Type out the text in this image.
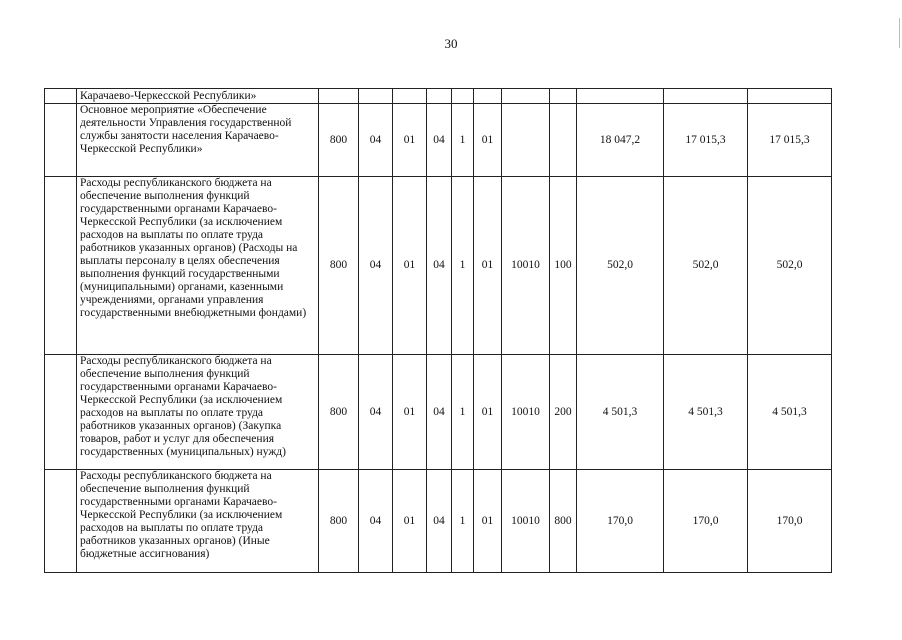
30
	Карачаево-Черкесской Республики»											
	Основное мероприятие «Обеспечение деятельности Управления государственной службы занятости населения Карачаево-Черкесской Республики»	800	04	01	04	1	01			18 047,2	17 015,3	17 015,3
	Расходы республиканского бюджета на обеспечение выполнения функций государственными органами Карачаево-Черкесской Республики (за исключением расходов на выплаты по оплате труда работников указанных органов) (Расходы на выплаты персоналу в целях обеспечения выполнения функций государственными (муниципальными) органами, казенными учреждениями, органами управления государственными внебюджетными фондами)	800	04	01	04	1	01	10010	100	502,0	502,0	502,0
	Расходы республиканского бюджета на обеспечение выполнения функций государственными органами Карачаево-Черкесской Республики (за исключением расходов на выплаты по оплате труда работников указанных органов) (Закупка товаров, работ и услуг для обеспечения государственных (муниципальных) нужд)	800	04	01	04	1	01	10010	200	4 501,3	4 501,3	4 501,3
	Расходы республиканского бюджета на обеспечение выполнения функций государственными органами Карачаево-Черкесской Республики (за исключением расходов на выплаты по оплате труда работников указанных органов) (Иные бюджетные ассигнования)	800	04	01	04	1	01	10010	800	170,0	170,0	170,0
